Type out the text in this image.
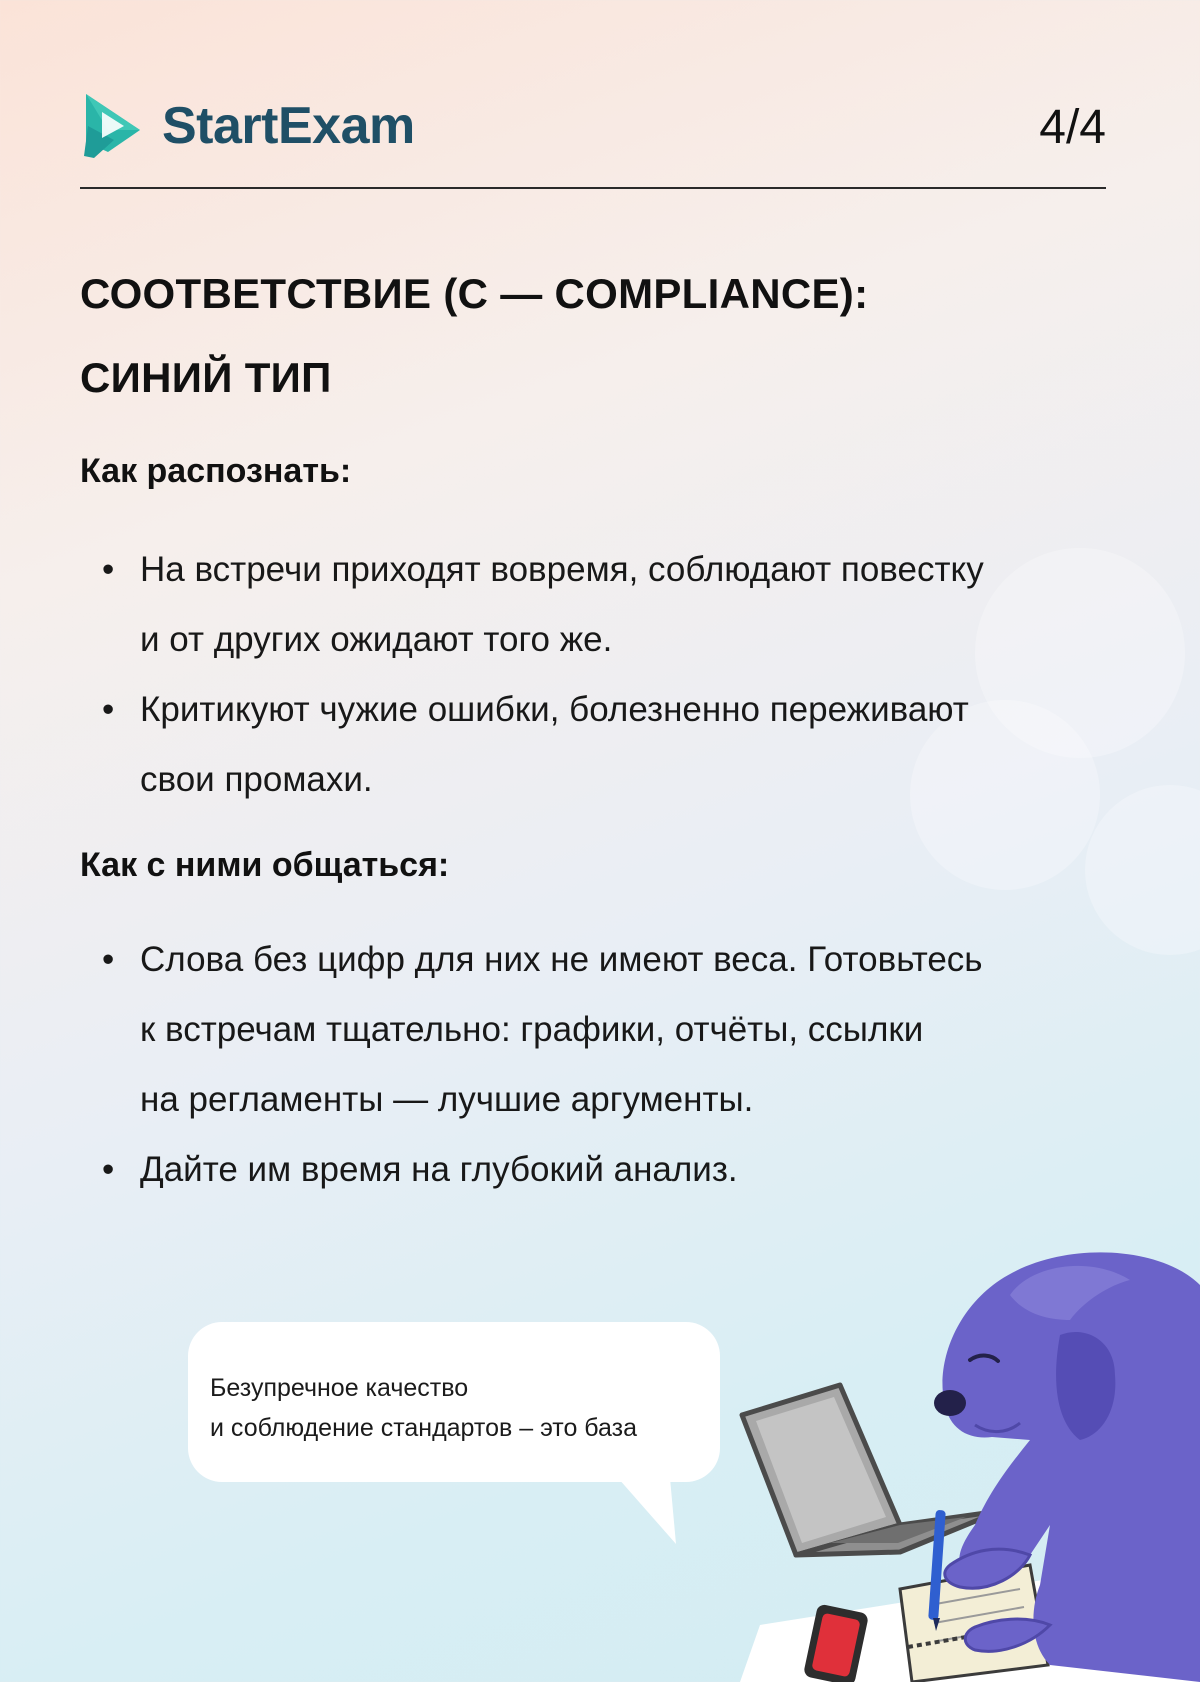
StartExam	4/4
СООТВЕТСТВИЕ (С — COMPLIANCE):
СИНИЙ ТИП
Как распознать:
• На встречи приходят вовремя, соблюдают повестку
и от других ожидают того же.
• Критикуют чужие ошибки, болезненно переживают
свои промахи.
Как с ними общаться:
• Слова без цифр для них не имеют веса. Готовьтесь
к встречам тщательно: графики, отчёты, ссылки
на регламенты — лучшие аргументы.
• Дайте им время на глубокий анализ.

Безупречное качество
и соблюдение стандартов – это база
